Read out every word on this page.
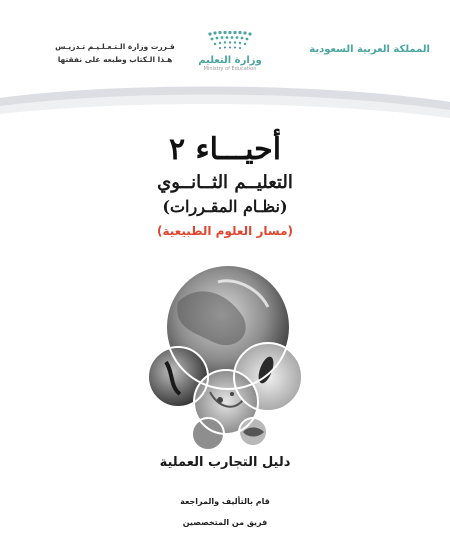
المملكة العربية السعودية
وزارة التعليم
Ministry of Education
قـررت وزارة الـتـعـلـيـم تـدريـس
هـذا الـكتاب وطبعه على نفقتها
أحيـــاء ٢
التعليــم الثــانــوي
(نظـام المقـررات)
(مسار العلوم الطبيعية)
دليل التجارب العملية
قام بالتأليف والمراجعة
فريق من المتخصصين
